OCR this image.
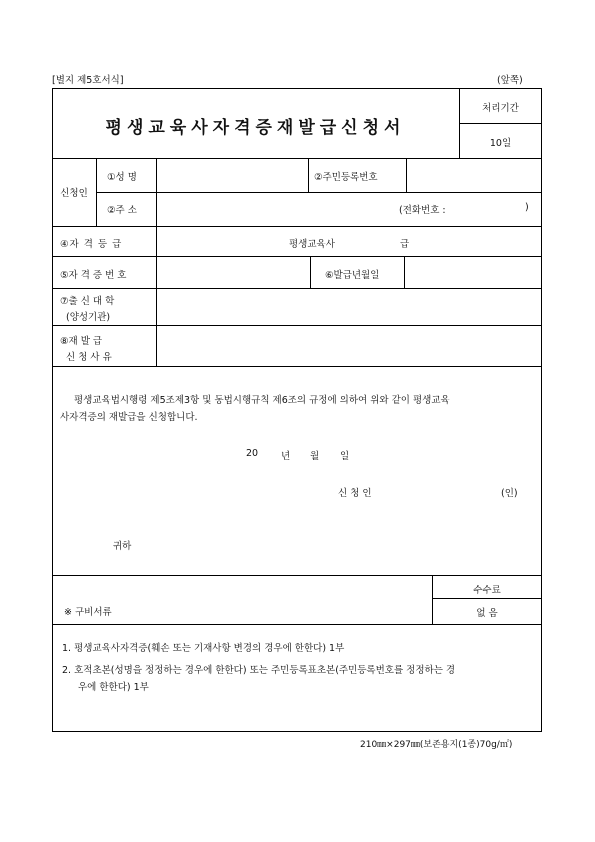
[별지 제5호서식]	(앞쪽)
평생교육사자격증재발급신청서
처리기간
10일
신청인
①성 명	②주민등록번호
②주 소	(전화번호 :	)
④자 격 등 급	평생교육사	급
⑤자 격 증 번 호	⑥발급년월일
⑦출 신 대 학
(양성기관)
⑧재 발 급
신 청 사 유
평생교육법시행령 제5조제3항 및 동법시행규칙 제6조의 규정에 의하여 위와 같이 평생교육
사자격증의 재발급을 신청합니다.
20 년 월 일
신 청 인	(인)
귀하
※ 구비서류
수수료
없 음
1. 평생교육사자격증(훼손 또는 기재사항 변경의 경우에 한한다) 1부
2. 호적초본(성명을 정정하는 경우에 한한다) 또는 주민등록표초본(주민등록번호를 정정하는 경
우에 한한다) 1부
210㎜×297㎜(보존용지(1종)70g/㎡)
